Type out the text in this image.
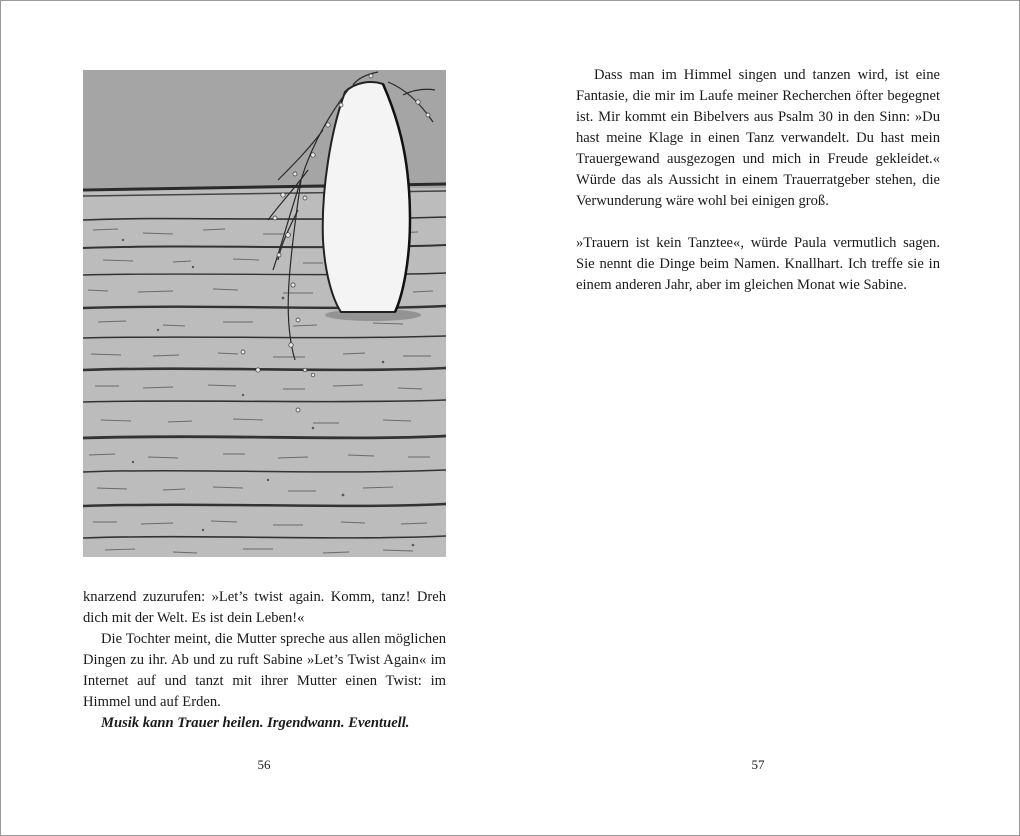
knarzend zuzurufen: »Let’s twist again. Komm, tanz! Dreh dich mit der Welt. Es ist dein Leben!«

Die Tochter meint, die Mutter spreche aus allen möglichen Dingen zu ihr. Ab und zu ruft Sabine »Let’s Twist Again« im Internet auf und tanzt mit ihrer Mutter einen Twist: im Himmel und auf Erden.

Musik kann Trauer heilen. Irgendwann. Eventuell.

56

Dass man im Himmel singen und tanzen wird, ist eine Fantasie, die mir im Laufe meiner Recherchen öfter begegnet ist. Mir kommt ein Bibelvers aus Psalm 30 in den Sinn: »Du hast meine Klage in einen Tanz verwandelt. Du hast mein Trauergewand ausgezogen und mich in Freude gekleidet.« Würde das als Aussicht in einem Trauerratgeber stehen, die Verwunderung wäre wohl bei einigen groß.

»Trauern ist kein Tanztee«, würde Paula vermutlich sagen. Sie nennt die Dinge beim Namen. Knallhart. Ich treffe sie in einem anderen Jahr, aber im gleichen Monat wie Sabine.

57
